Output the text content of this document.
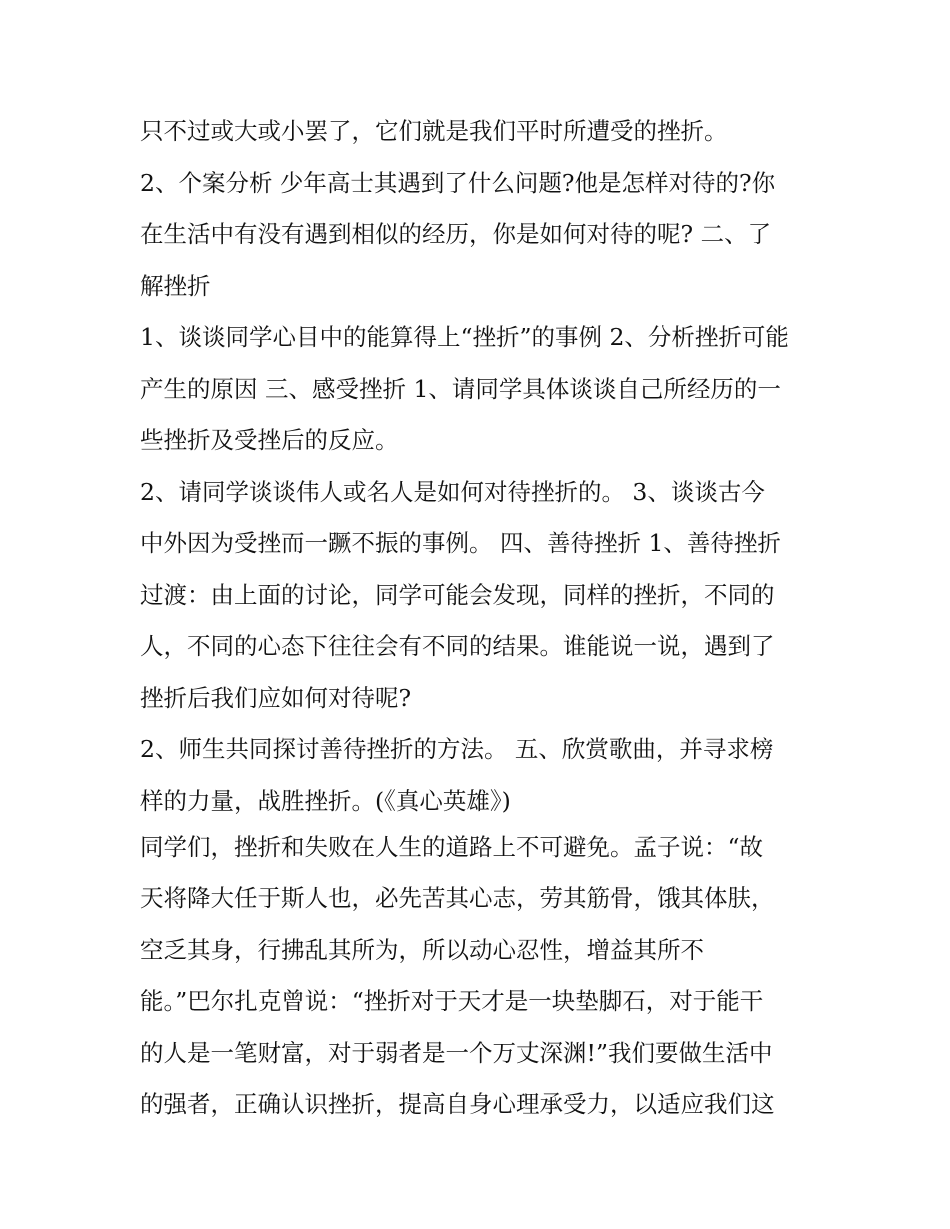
只不过或大或小罢了，它们就是我们平时所遭受的挫折。
2、个案分析 少年高士其遇到了什么问题?他是怎样对待的?你
在生活中有没有遇到相似的经历，你是如何对待的呢? 二、了
解挫折
1、谈谈同学心目中的能算得上“挫折”的事例 2、分析挫折可能
产生的原因 三、感受挫折 1、请同学具体谈谈自己所经历的一
些挫折及受挫后的反应。
2、请同学谈谈伟人或名人是如何对待挫折的。 3、谈谈古今
中外因为受挫而一蹶不振的事例。 四、善待挫折 1、善待挫折
过渡：由上面的讨论，同学可能会发现，同样的挫折，不同的
人，不同的心态下往往会有不同的结果。谁能说一说，遇到了
挫折后我们应如何对待呢?
2、师生共同探讨善待挫折的方法。 五、欣赏歌曲，并寻求榜
样的力量，战胜挫折。(《真心英雄》)
同学们，挫折和失败在人生的道路上不可避免。孟子说：“故
天将降大任于斯人也，必先苦其心志，劳其筋骨，饿其体肤，
空乏其身，行拂乱其所为，所以动心忍性，增益其所不
能。”巴尔扎克曾说：“挫折对于天才是一块垫脚石，对于能干
的人是一笔财富，对于弱者是一个万丈深渊!”我们要做生活中
的强者，正确认识挫折，提高自身心理承受力，以适应我们这
